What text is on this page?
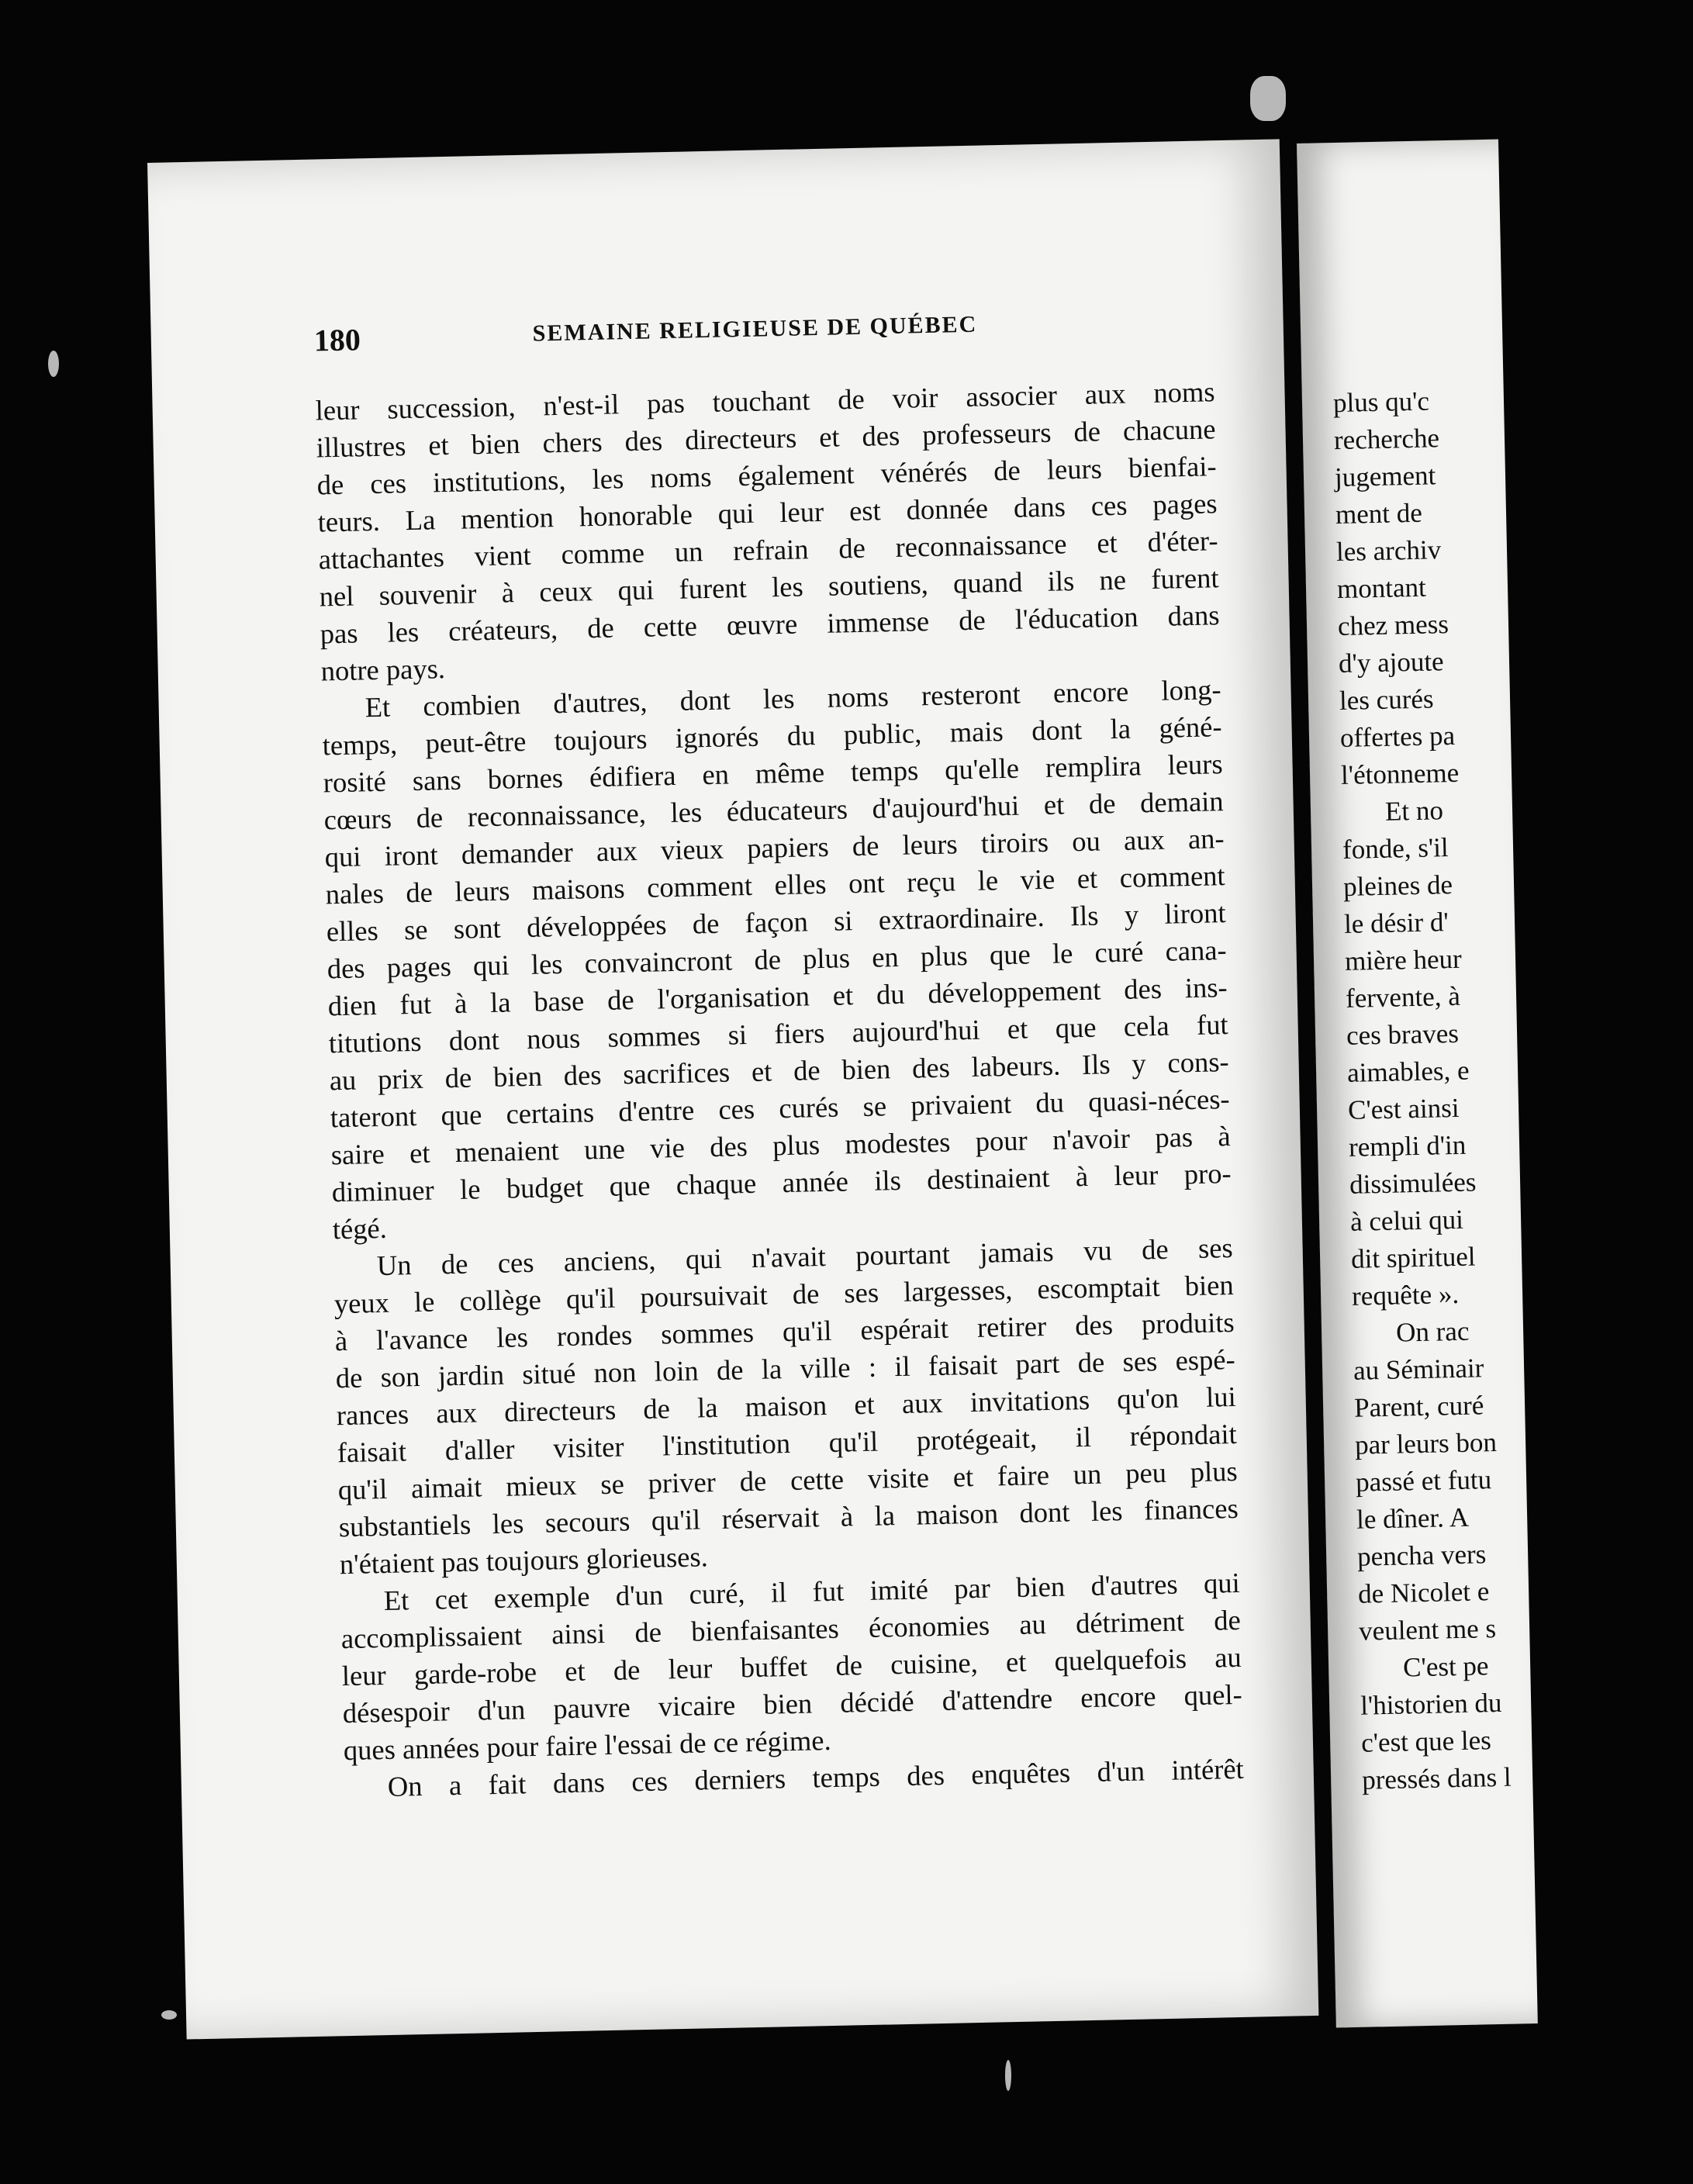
180	SEMAINE RELIGIEUSE DE QUÉBEC
leur succession, n'est-il pas touchant de voir associer aux noms
illustres et bien chers des directeurs et des professeurs de chacune
de ces institutions, les noms également vénérés de leurs bienfai-
teurs. La mention honorable qui leur est donnée dans ces pages
attachantes vient comme un refrain de reconnaissance et d'éter-
nel souvenir à ceux qui furent les soutiens, quand ils ne furent
pas les créateurs, de cette œuvre immense de l'éducation dans
notre pays.
Et combien d'autres, dont les noms resteront encore long-
temps, peut-être toujours ignorés du public, mais dont la géné-
rosité sans bornes édifiera en même temps qu'elle remplira leurs
cœurs de reconnaissance, les éducateurs d'aujourd'hui et de demain
qui iront demander aux vieux papiers de leurs tiroirs ou aux an-
nales de leurs maisons comment elles ont reçu le vie et comment
elles se sont développées de façon si extraordinaire. Ils y liront
des pages qui les convaincront de plus en plus que le curé cana-
dien fut à la base de l'organisation et du développement des ins-
titutions dont nous sommes si fiers aujourd'hui et que cela fut
au prix de bien des sacrifices et de bien des labeurs. Ils y cons-
tateront que certains d'entre ces curés se privaient du quasi-néces-
saire et menaient une vie des plus modestes pour n'avoir pas à
diminuer le budget que chaque année ils destinaient à leur pro-
tégé.
Un de ces anciens, qui n'avait pourtant jamais vu de ses
yeux le collège qu'il poursuivait de ses largesses, escomptait bien
à l'avance les rondes sommes qu'il espérait retirer des produits
de son jardin situé non loin de la ville : il faisait part de ses espé-
rances aux directeurs de la maison et aux invitations qu'on lui
faisait d'aller visiter l'institution qu'il protégeait, il répondait
qu'il aimait mieux se priver de cette visite et faire un peu plus
substantiels les secours qu'il réservait à la maison dont les finances
n'étaient pas toujours glorieuses.
Et cet exemple d'un curé, il fut imité par bien d'autres qui
accomplissaient ainsi de bienfaisantes économies au détriment de
leur garde-robe et de leur buffet de cuisine, et quelquefois au
désespoir d'un pauvre vicaire bien décidé d'attendre encore quel-
ques années pour faire l'essai de ce régime.
On a fait dans ces derniers temps des enquêtes d'un intérêt
plus qu'c
recherche
jugement
ment de
les archiv
montant
chez mess
d'y ajoute
les curés
offertes pa
l'étonneme
Et no
fonde, s'il
pleines de
le désir d'
mière heur
fervente, à
ces braves
aimables, e
C'est ainsi
rempli d'in
dissimulées
à celui qui
dit spirituel
requête ».
On rac
au Séminair
Parent, curé
par leurs bon
passé et futu
le dîner. A
pencha vers
de Nicolet e
veulent me s
C'est pe
l'historien du
c'est que les
pressés dans l
